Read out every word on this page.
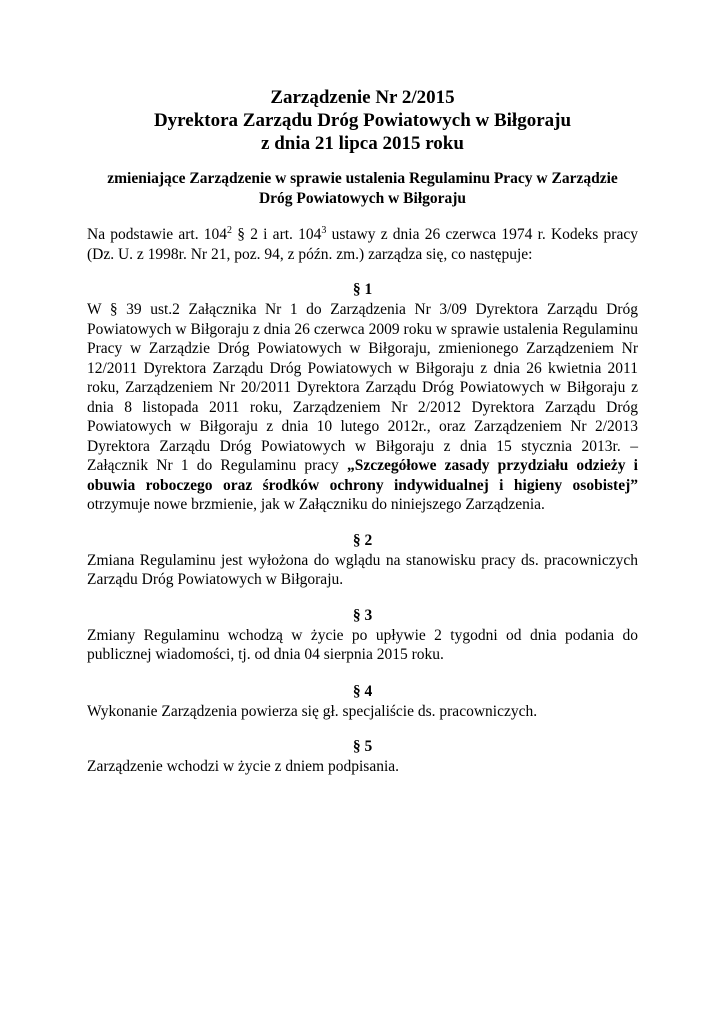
Zarządzenie Nr 2/2015
Dyrektora Zarządu Dróg Powiatowych w Biłgoraju
z dnia 21 lipca 2015 roku
zmieniające Zarządzenie w sprawie ustalenia Regulaminu Pracy w Zarządzie
Dróg Powiatowych w Biłgoraju
Na podstawie art. $104^2$ § 2 i art. $104^3$ ustawy z dnia 26 czerwca 1974 r. Kodeks pracy (Dz. U. z 1998r. Nr 21, poz. 94, z późn. zm.) zarządza się, co następuje:
§ 1
W § 39 ust.2 Załącznika Nr 1 do Zarządzenia Nr 3/09 Dyrektora Zarządu Dróg Powiatowych w Biłgoraju z dnia 26 czerwca 2009 roku w sprawie ustalenia Regulaminu Pracy w Zarządzie Dróg Powiatowych w Biłgoraju, zmienionego Zarządzeniem Nr 12/2011 Dyrektora Zarządu Dróg Powiatowych w Biłgoraju z dnia 26 kwietnia 2011 roku, Zarządzeniem Nr 20/2011 Dyrektora Zarządu Dróg Powiatowych w Biłgoraju z dnia 8 listopada 2011 roku, Zarządzeniem Nr 2/2012 Dyrektora Zarządu Dróg Powiatowych w Biłgoraju z dnia 10 lutego 2012r., oraz Zarządzeniem Nr 2/2013 Dyrektora Zarządu Dróg Powiatowych w Biłgoraju z dnia 15 stycznia 2013r. – Załącznik Nr 1 do Regulaminu pracy „Szczegółowe zasady przydziału odzieży i obuwia roboczego oraz środków ochrony indywidualnej i higieny osobistej” otrzymuje nowe brzmienie, jak w Załączniku do niniejszego Zarządzenia.
§ 2
Zmiana Regulaminu jest wyłożona do wglądu na stanowisku pracy ds. pracowniczych Zarządu Dróg Powiatowych w Biłgoraju.
§ 3
Zmiany Regulaminu wchodzą w życie po upływie 2 tygodni od dnia podania do publicznej wiadomości, tj. od dnia 04 sierpnia 2015 roku.
§ 4
Wykonanie Zarządzenia powierza się gł. specjaliście ds. pracowniczych.
§ 5
Zarządzenie wchodzi w życie z dniem podpisania.
